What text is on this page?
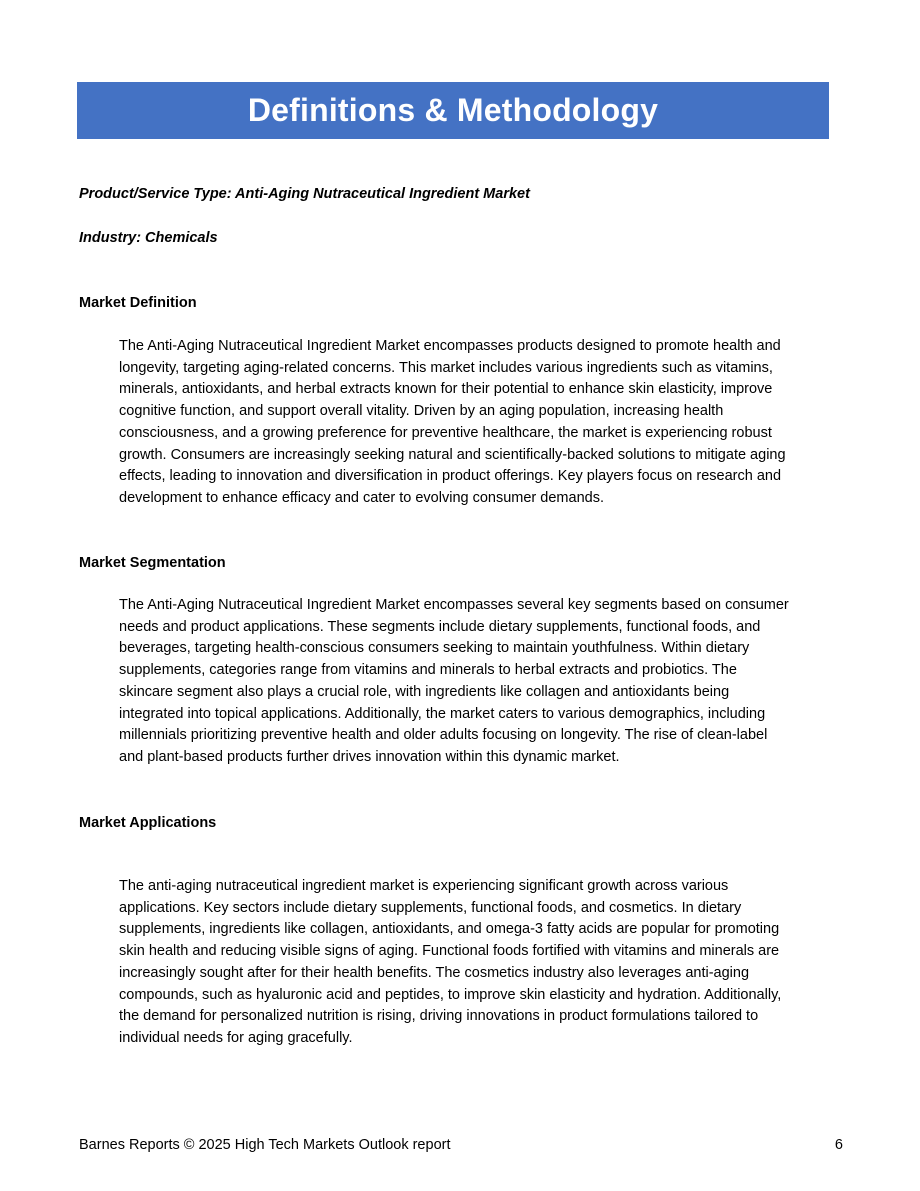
Definitions & Methodology

Product/Service Type: Anti-Aging Nutraceutical Ingredient Market

Industry: Chemicals

Market Definition

The Anti-Aging Nutraceutical Ingredient Market encompasses products designed to promote health and longevity, targeting aging-related concerns. This market includes various ingredients such as vitamins, minerals, antioxidants, and herbal extracts known for their potential to enhance skin elasticity, improve cognitive function, and support overall vitality. Driven by an aging population, increasing health consciousness, and a growing preference for preventive healthcare, the market is experiencing robust growth. Consumers are increasingly seeking natural and scientifically-backed solutions to mitigate aging effects, leading to innovation and diversification in product offerings. Key players focus on research and development to enhance efficacy and cater to evolving consumer demands.

Market Segmentation

The Anti-Aging Nutraceutical Ingredient Market encompasses several key segments based on consumer needs and product applications. These segments include dietary supplements, functional foods, and beverages, targeting health-conscious consumers seeking to maintain youthfulness. Within dietary supplements, categories range from vitamins and minerals to herbal extracts and probiotics. The skincare segment also plays a crucial role, with ingredients like collagen and antioxidants being integrated into topical applications. Additionally, the market caters to various demographics, including millennials prioritizing preventive health and older adults focusing on longevity. The rise of clean-label and plant-based products further drives innovation within this dynamic market.

Market Applications

The anti-aging nutraceutical ingredient market is experiencing significant growth across various applications. Key sectors include dietary supplements, functional foods, and cosmetics. In dietary supplements, ingredients like collagen, antioxidants, and omega-3 fatty acids are popular for promoting skin health and reducing visible signs of aging. Functional foods fortified with vitamins and minerals are increasingly sought after for their health benefits. The cosmetics industry also leverages anti-aging compounds, such as hyaluronic acid and peptides, to improve skin elasticity and hydration. Additionally, the demand for personalized nutrition is rising, driving innovations in product formulations tailored to individual needs for aging gracefully.

Barnes Reports © 2025 High Tech Markets Outlook report	6
